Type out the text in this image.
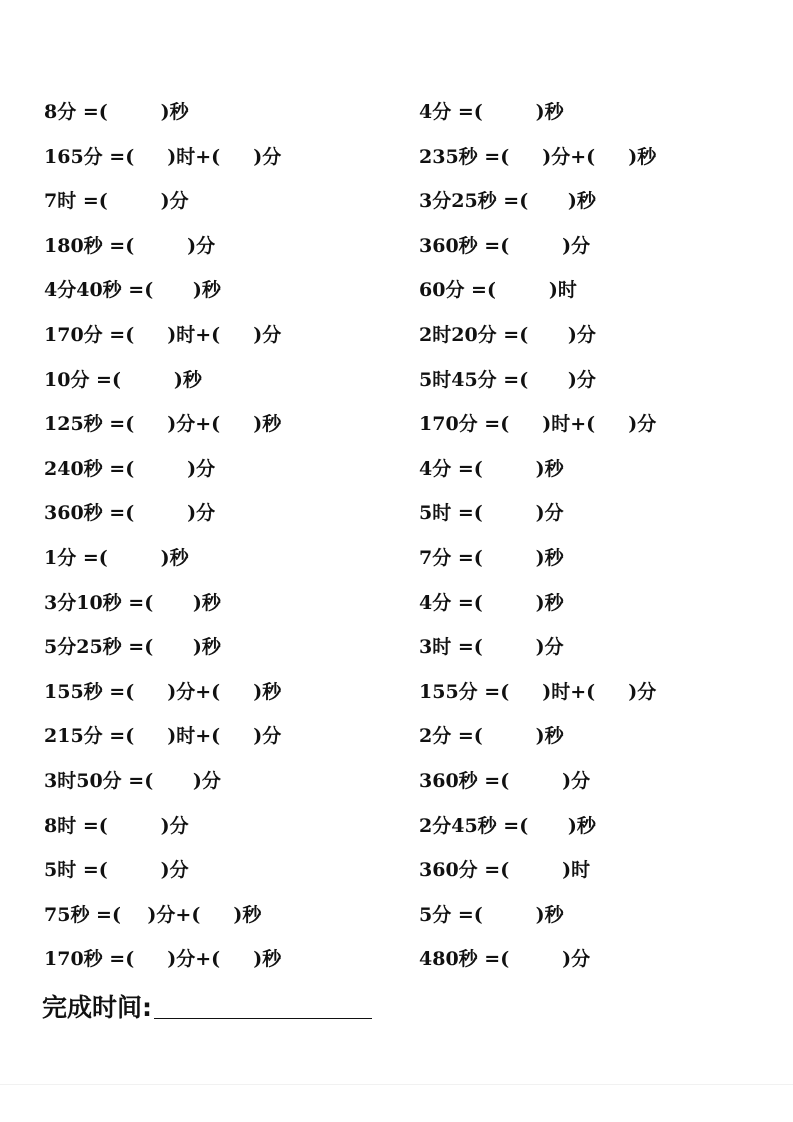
8分 =(        )秒
165分 =(     )时+(     )分
7时 =(        )分
180秒 =(        )分
4分40秒 =(      )秒
170分 =(     )时+(     )分
10分 =(        )秒
125秒 =(     )分+(     )秒
240秒 =(        )分
360秒 =(        )分
1分 =(        )秒
3分10秒 =(      )秒
5分25秒 =(      )秒
155秒 =(     )分+(     )秒
215分 =(     )时+(     )分
3时50分 =(      )分
8时 =(        )分
5时 =(        )分
75秒 =(    )分+(     )秒
170秒 =(     )分+(     )秒
4分 =(        )秒
235秒 =(     )分+(     )秒
3分25秒 =(      )秒
360秒 =(        )分
60分 =(        )时
2时20分 =(      )分
5时45分 =(      )分
170分 =(     )时+(     )分
4分 =(        )秒
5时 =(        )分
7分 =(        )秒
4分 =(        )秒
3时 =(        )分
155分 =(     )时+(     )分
2分 =(        )秒
360秒 =(        )分
2分45秒 =(      )秒
360分 =(        )时
5分 =(        )秒
480秒 =(        )分
完成时间:
